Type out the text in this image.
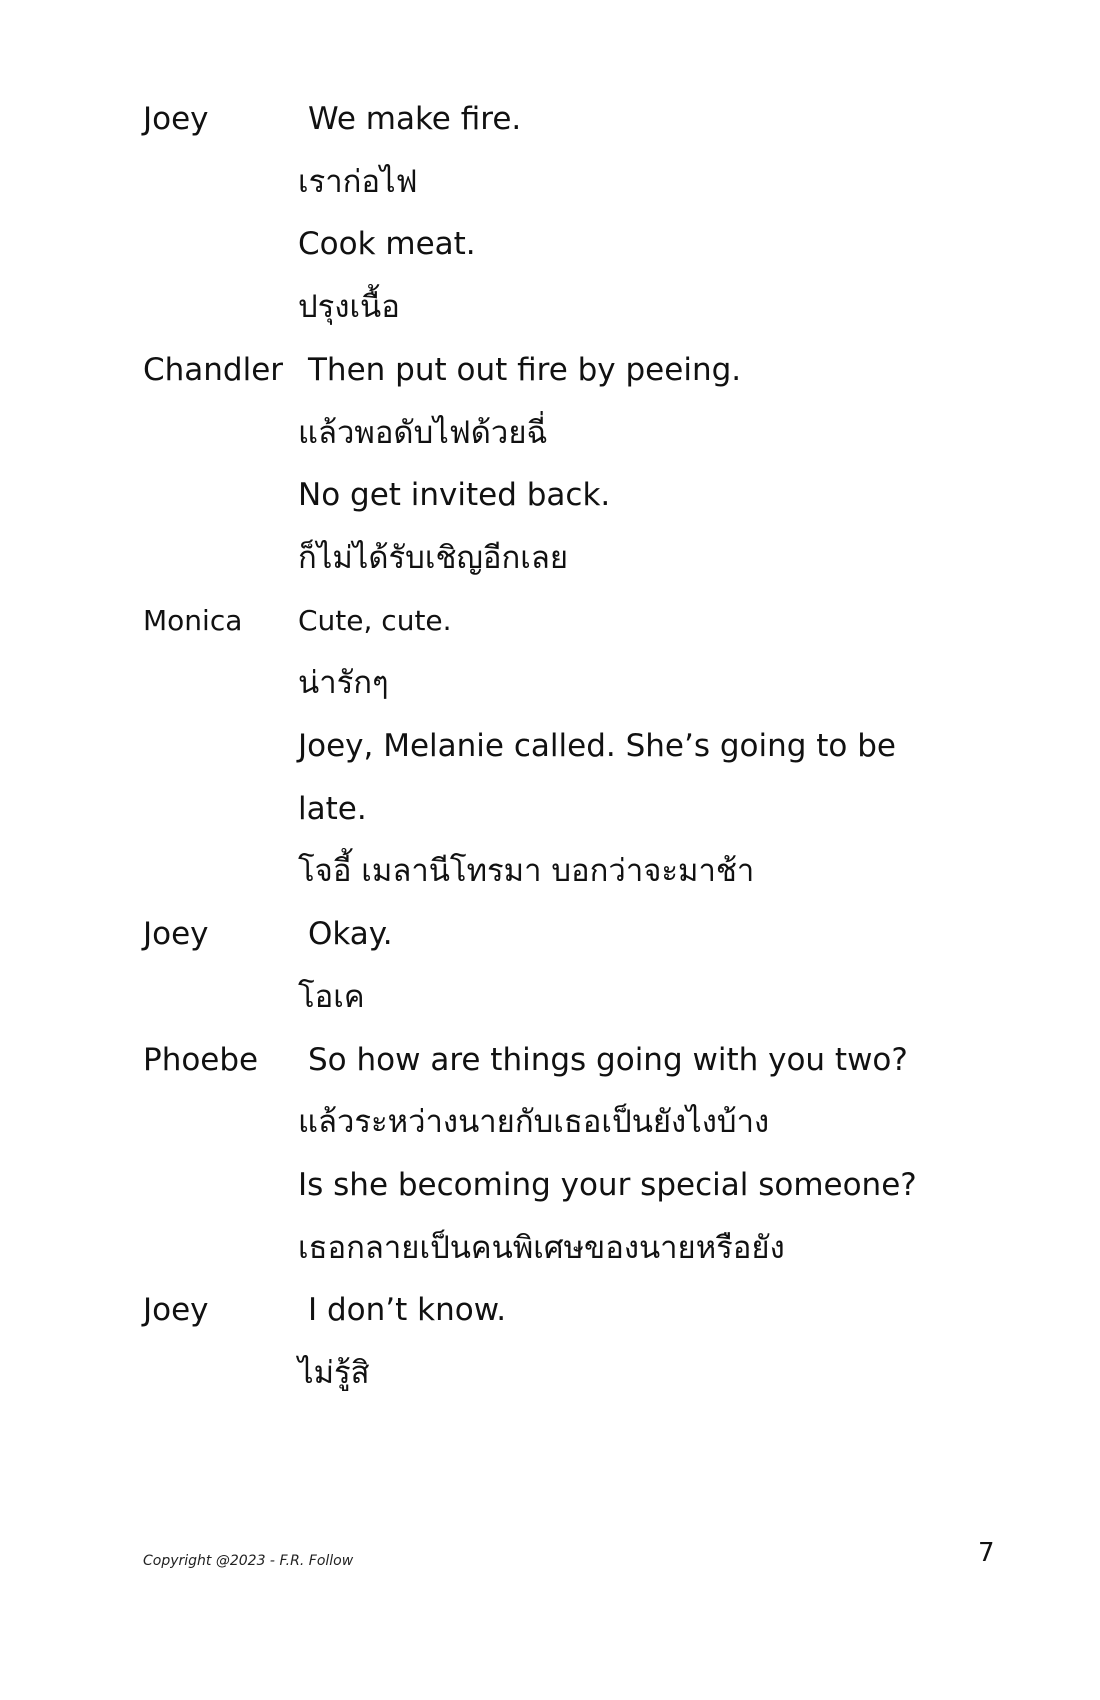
Joey	We make fire.
เราก่อไฟ
Cook meat.
ปรุงเนื้อ
Chandler Then put out fire by peeing.
แล้วพอดับไฟด้วยฉี่
No get invited back.
ก็ไม่ได้รับเชิญอีกเลย
Monica Cute, cute.
น่ารักๆ
Joey, Melanie called. She’s going to be
late.
โจอี้ เมลานีโทรมา บอกว่าจะมาช้า
Joey	Okay.
โอเค
Phoebe So how are things going with you two?
แล้วระหว่างนายกับเธอเป็นยังไงบ้าง
Is she becoming your special someone?
เธอกลายเป็นคนพิเศษของนายหรือยัง
Joey	I don’t know.
ไม่รู้สิ
Copyright @2023 - F.R. Follow	7
